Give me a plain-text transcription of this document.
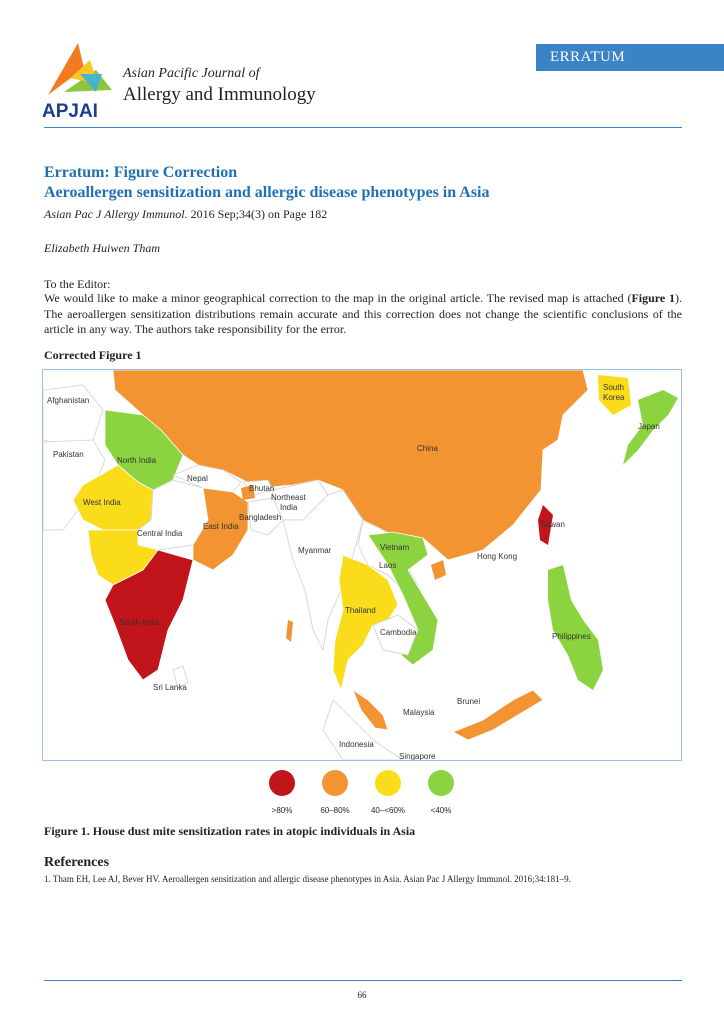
APJAI
Asian Pacific Journal of
Allergy and Immunology
ERRATUM
Erratum: Figure Correction
Aeroallergen sensitization and allergic disease phenotypes in Asia
Asian Pac J Allergy Immunol. 2016 Sep;34(3) on Page 182
Elizabeth Huiwen Tham
To the Editor:
We would like to make a minor geographical correction to the map in the original article. The revised map is attached (Figure 1). The aeroallergen sensitization distributions remain accurate and this correction does not change the scientific conclusions of the article in any way. The authors take responsibility for the error.
Corrected Figure 1
Afghanistan
Pakistan
North India
West India
Nepal
Bhutan
Northeast
India
Bangladesh
East India
Central India
South India
Sri Lanka
China
South
Korea
Japan
Taiwan
Hong Kong
Myanmar	Vietnam
Laos
Thailand
Cambodia	Philippines
Malaysia
Brunei
Indonesia
Singapore
>80%	60–80%	40–<60%	<40%
Figure 1. House dust mite sensitization rates in atopic individuals in Asia
References
1. Tham EH, Lee AJ, Bever HV. Aeroallergen sensitization and allergic disease phenotypes in Asia. Asian Pac J Allergy Immunol. 2016;34:181–9.
66
